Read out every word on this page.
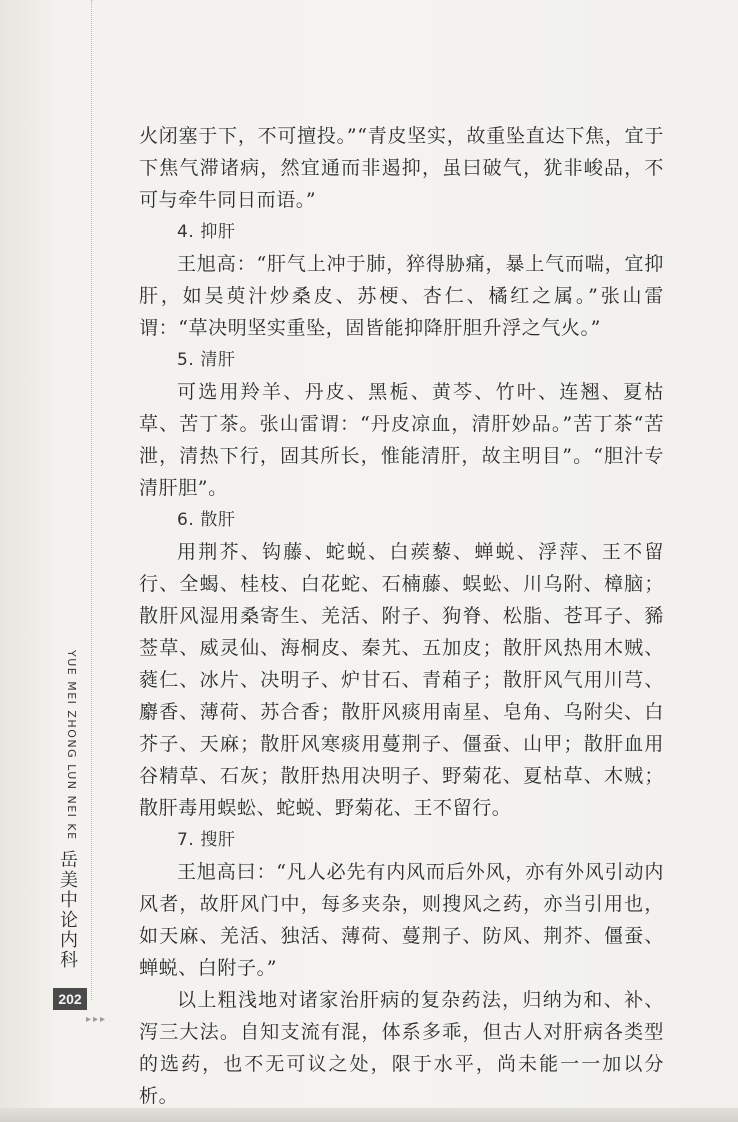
火闭塞于下，不可擅投。”“青皮坚实，故重坠直达下焦，宜于下焦气滞诸病，然宜通而非遏抑，虽曰破气，犹非峻品，不可与牵牛同日而语。”

4. 抑肝

王旭高：“肝气上冲于肺，猝得胁痛，暴上气而喘，宜抑肝，如吴萸汁炒桑皮、苏梗、杏仁、橘红之属。”张山雷谓：“草决明坚实重坠，固皆能抑降肝胆升浮之气火。”

5. 清肝

可选用羚羊、丹皮、黑栀、黄芩、竹叶、连翘、夏枯草、苦丁茶。张山雷谓：“丹皮凉血，清肝妙品。”苦丁茶“苦泄，清热下行，固其所长，惟能清肝，故主明目”。“胆汁专清肝胆”。

6. 散肝

用荆芥、钩藤、蛇蜕、白蒺藜、蝉蜕、浮萍、王不留行、全蝎、桂枝、白花蛇、石楠藤、蜈蚣、川乌附、樟脑；散肝风湿用桑寄生、羌活、附子、狗脊、松脂、苍耳子、豨莶草、威灵仙、海桐皮、秦艽、五加皮；散肝风热用木贼、蕤仁、冰片、决明子、炉甘石、青葙子；散肝风气用川芎、麝香、薄荷、苏合香；散肝风痰用南星、皂角、乌附尖、白芥子、天麻；散肝风寒痰用蔓荆子、僵蚕、山甲；散肝血用谷精草、石灰；散肝热用决明子、野菊花、夏枯草、木贼；散肝毒用蜈蚣、蛇蜕、野菊花、王不留行。

7. 搜肝

王旭高曰：“凡人必先有内风而后外风，亦有外风引动内风者，故肝风门中，每多夹杂，则搜风之药，亦当引用也，如天麻、羌活、独活、薄荷、蔓荆子、防风、荆芥、僵蚕、蝉蜕、白附子。”

以上粗浅地对诸家治肝病的复杂药法，归纳为和、补、泻三大法。自知支流有混，体系多乖，但古人对肝病各类型的选药，也不无可议之处，限于水平，尚未能一一加以分析。

YUE MEI ZHONG LUN NEI KE
岳美中论内科
202
▸▸▸
